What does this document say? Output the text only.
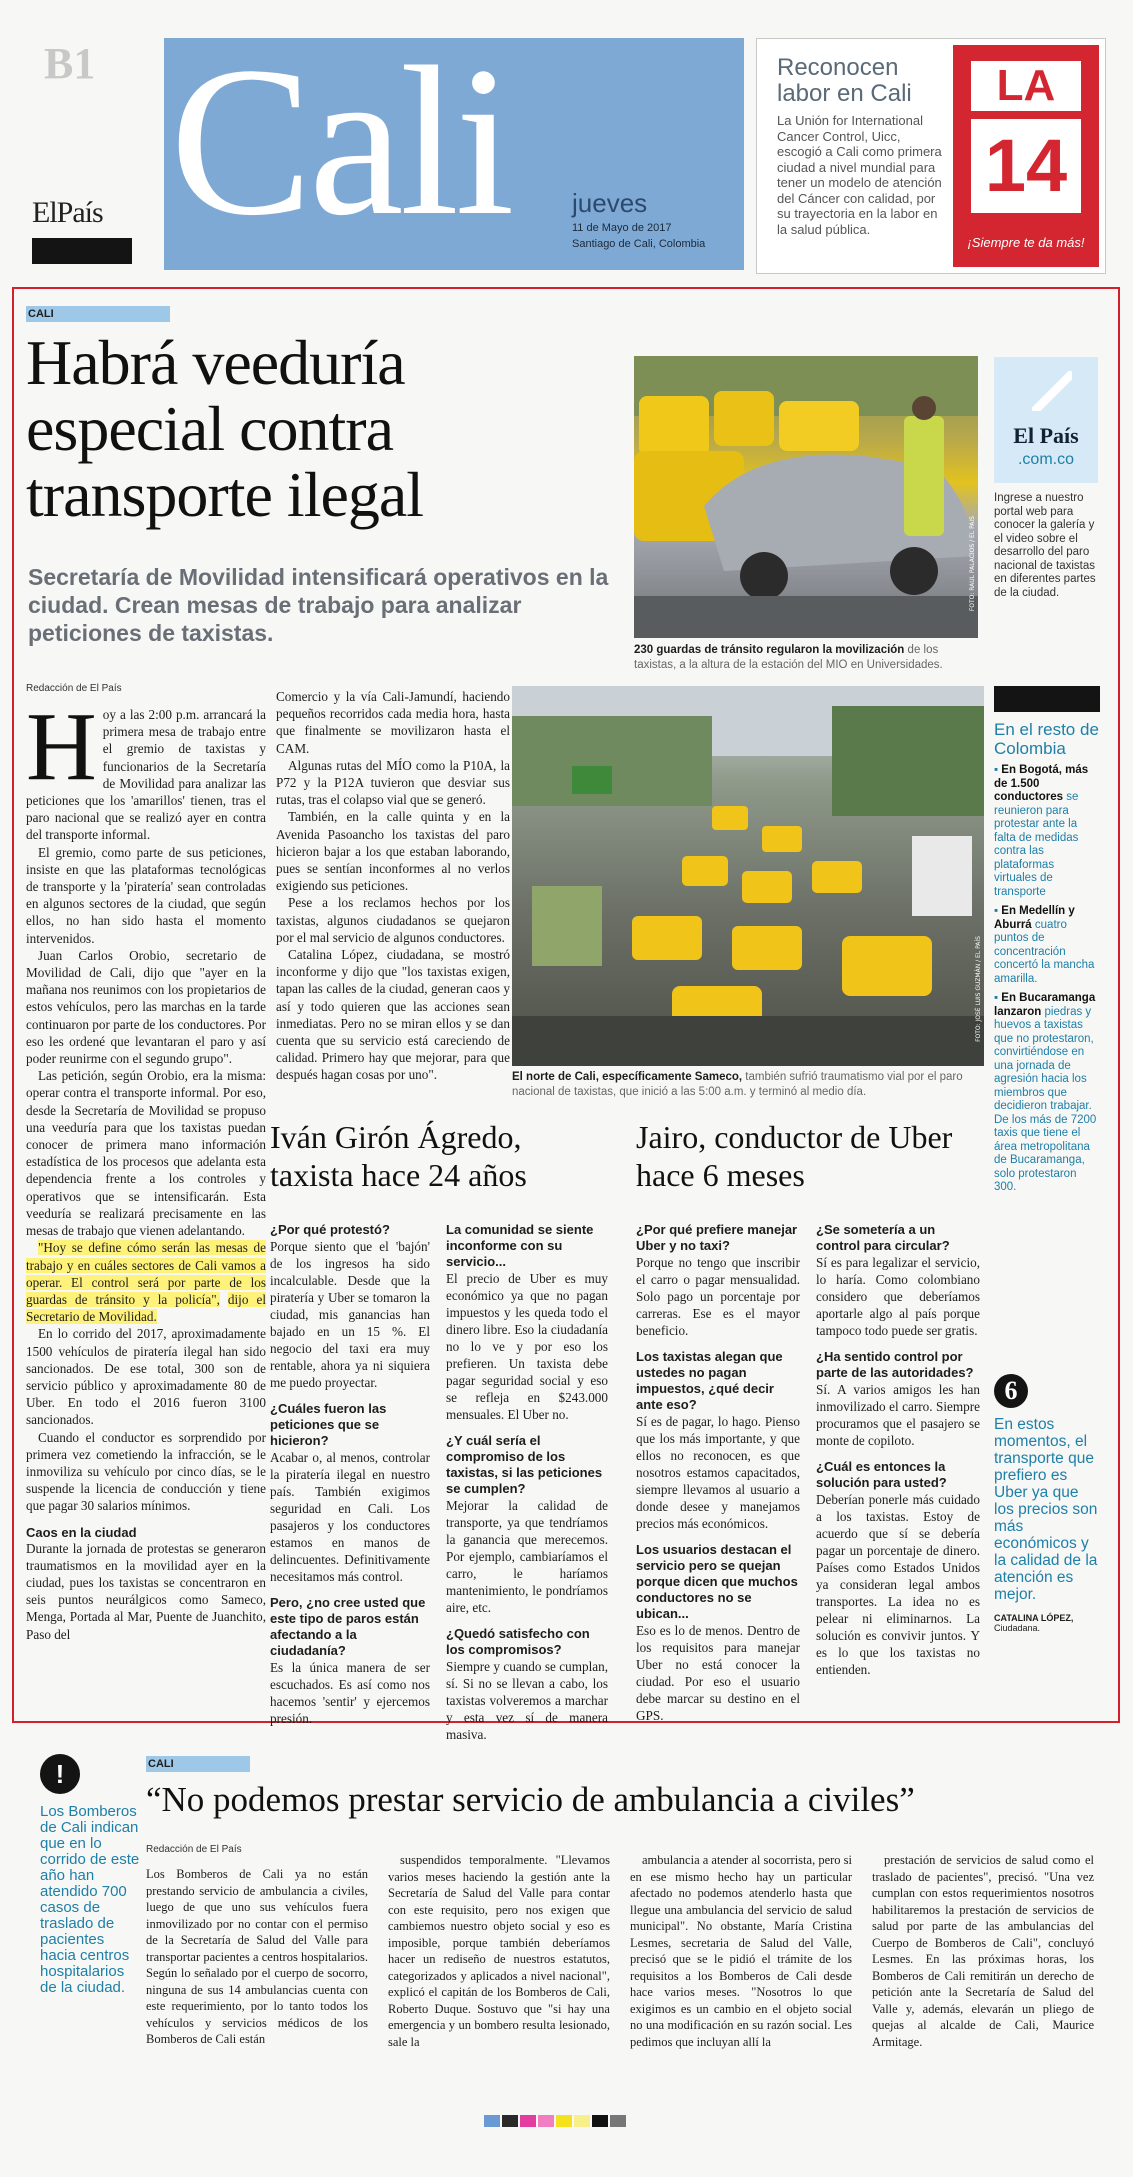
B1
ElPaís Cali jueves
11 de Mayo de 2017
Santiago de Cali, Colombia
Reconocen labor en Cali
La Unión for International Cancer Control, Uicc, escogió a Cali como primera ciudad a nivel mundial para tener un modelo de atención del Cáncer con calidad, por su trayectoria en la labor en la salud pública.
LA
14
¡Siempre te da más!
CALI
Habrá veeduría especial contra transporte ilegal
Secretaría de Movilidad intensificará operativos en la ciudad. Crean mesas de trabajo para analizar peticiones de taxistas.
FOTO: RAÚL PALACIOS / EL PAÍS
230 guardas de tránsito regularon la movilización de los taxistas, a la altura de la estación del MIO en Universidades.
El País
.com.co
Ingrese a nuestro portal web para conocer la galería y el video sobre el desarrollo del paro nacional de taxistas en diferentes partes de la ciudad.
Redacción de El País
H oy a las 2:00 p.m. arrancará la primera mesa de trabajo entre el gremio de taxistas y funcionarios de la Secretaría de Movilidad para analizar las peticiones que los 'amarillos' tienen, tras el paro nacional que se realizó ayer en contra del transporte informal.

El gremio, como parte de sus peticiones, insiste en que las plataformas tecnológicas de transporte y la 'piratería' sean controladas en algunos sectores de la ciudad, que según ellos, no han sido hasta el momento intervenidos.

Juan Carlos Orobio, secretario de Movilidad de Cali, dijo que "ayer en la mañana nos reunimos con los propietarios de estos vehículos, pero las marchas en la tarde continuaron por parte de los conductores. Por eso les ordené que levantaran el paro y así poder reunirme con el segundo grupo".

Las petición, según Orobio, era la misma: operar contra el transporte informal. Por eso, desde la Secretaría de Movilidad se propuso una veeduría para que los taxistas puedan conocer de primera mano información estadística de los procesos que adelanta esta dependencia frente a los controles y operativos que se intensificarán. Esta veeduría se realizará precisamente en las mesas de trabajo que vienen adelantando.

"Hoy se define cómo serán las mesas de trabajo y en cuáles sectores de Cali vamos a operar. El control será por parte de los guardas de tránsito y la policía", dijo el Secretario de Movilidad.

En lo corrido del 2017, aproximadamente 1500 vehículos de piratería ilegal han sido sancionados. De ese total, 300 son de servicio público y aproximadamente 80 de Uber. En todo el 2016 fueron 3100 sancionados.

Cuando el conductor es sorprendido por primera vez cometiendo la infracción, se le inmoviliza su vehículo por cinco días, se le suspende la licencia de conducción y tiene que pagar 30 salarios mínimos.

Caos en la ciudad

Durante la jornada de protestas se generaron traumatismos en la movilidad ayer en la ciudad, pues los taxistas se concentraron en seis puntos neurálgicos como Sameco, Menga, Portada al Mar, Puente de Juanchito, Paso del

Comercio y la vía Cali-Jamundí, haciendo pequeños recorridos cada media hora, hasta que finalmente se movilizaron hasta el CAM.

Algunas rutas del MÍO como la P10A, la P72 y la P12A tuvieron que desviar sus rutas, tras el colapso vial que se generó.

También, en la calle quinta y en la Avenida Pasoancho los taxistas del paro hicieron bajar a los que estaban laborando, pues se sentían inconformes al no verlos exigiendo sus peticiones.

Pese a los reclamos hechos por los taxistas, algunos ciudadanos se quejaron por el mal servicio de algunos conductores.

Catalina López, ciudadana, se mostró inconforme y dijo que "los taxistas exigen, tapan las calles de la ciudad, generan caos y así y todo quieren que las acciones sean inmediatas. Pero no se miran ellos y se dan cuenta que su servicio está careciendo de calidad. Primero hay que mejorar, para que después hagan cosas por uno".

FOTO: JOSÉ LUIS GUZMÁN / EL PAÍS
El norte de Cali, específicamente Sameco, también sufrió traumatismo vial por el paro nacional de taxistas, que inició a las 5:00 a.m. y terminó al medio día.
En el resto de Colombia
▪ En Bogotá, más de 1.500 conductores se reunieron para protestar ante la falta de medidas contra las plataformas virtuales de transporte
▪ En Medellín y Aburrá cuatro puntos de concentración concertó la mancha amarilla.
▪ En Bucaramanga lanzaron piedras y huevos a taxistas que no protestaron, convirtiéndose en una jornada de agresión hacia los miembros que decidieron trabajar. De los más de 7200 taxis que tiene el área metropolitana de Bucaramanga, solo protestaron 300.
6
En estos momentos, el transporte que prefiero es Uber ya que los precios son más económicos y la calidad de la atención es mejor.
CATALINA LÓPEZ,
Ciudadana.
Iván Girón Ágredo, taxista hace 24 años
¿Por qué protestó?
Porque siento que el 'bajón' de los ingresos ha sido incalculable. Desde que la piratería y Uber se tomaron la ciudad, mis ganancias han bajado en un 15 %. El negocio del taxi era muy rentable, ahora ya ni siquiera me puedo proyectar.
¿Cuáles fueron las peticiones que se hicieron?
Acabar o, al menos, controlar la piratería ilegal en nuestro país. También exigimos seguridad en Cali. Los pasajeros y los conductores estamos en manos de delincuentes. Definitivamente necesitamos más control.
Pero, ¿no cree usted que este tipo de paros están afectando a la ciudadanía?
Es la única manera de ser escuchados. Es así como nos hacemos 'sentir' y ejercemos presión.
La comunidad se siente inconforme con su servicio...
El precio de Uber es muy económico ya que no pagan impuestos y les queda todo el dinero libre. Eso la ciudadanía no lo ve y por eso los prefieren. Un taxista debe pagar seguridad social y eso se refleja en $243.000 mensuales. El Uber no.
¿Y cuál sería el compromiso de los taxistas, si las peticiones se cumplen?
Mejorar la calidad de transporte, ya que tendríamos la ganancia que merecemos. Por ejemplo, cambiaríamos el carro, le haríamos mantenimiento, le pondríamos aire, etc.
¿Quedó satisfecho con los compromisos?
Siempre y cuando se cumplan, sí. Si no se llevan a cabo, los taxistas volveremos a marchar y esta vez sí de manera masiva.
Jairo, conductor de Uber hace 6 meses
¿Por qué prefiere manejar Uber y no taxi?
Porque no tengo que inscribir el carro o pagar mensualidad. Solo pago un porcentaje por carreras. Ese es el mayor beneficio.
Los taxistas alegan que ustedes no pagan impuestos, ¿qué decir ante eso?
Sí es de pagar, lo hago. Pienso que los más importante, y que ellos no reconocen, es que nosotros estamos capacitados, siempre llevamos al usuario a donde desee y manejamos precios más económicos.
Los usuarios destacan el servicio pero se quejan porque dicen que muchos conductores no se ubican...
Eso es lo de menos. Dentro de los requisitos para manejar Uber no está conocer la ciudad. Por eso el usuario debe marcar su destino en el GPS.
¿Se sometería a un control para circular?
Sí es para legalizar el servicio, lo haría. Como colombiano considero que deberíamos aportarle algo al país porque tampoco todo puede ser gratis.
¿Ha sentido control por parte de las autoridades?
Sí. A varios amigos les han inmovilizado el carro. Siempre procuramos que el pasajero se monte de copiloto.
¿Cuál es entonces la solución para usted?
Deberían ponerle más cuidado a los taxistas. Estoy de acuerdo que sí se debería pagar un porcentaje de dinero. Países como Estados Unidos ya consideran legal ambos transportes. La idea no es pelear ni eliminarnos. La solución es convivir juntos. Y es lo que los taxistas no entienden.
!
Los Bomberos de Cali indican que en lo corrido de este año han atendido 700 casos de traslado de pacientes hacia centros hospitalarios de la ciudad.
CALI
“No podemos prestar servicio de ambulancia a civiles”
Redacción de El País
Los Bomberos de Cali ya no están prestando servicio de ambulancia a civiles, luego de que uno sus vehículos fuera inmovilizado por no contar con el permiso de la Secretaría de Salud del Valle para transportar pacientes a centros hospitalarios. Según lo señalado por el cuerpo de socorro, ninguna de sus 14 ambulancias cuenta con este requerimiento, por lo tanto todos los vehículos y servicios médicos de los Bomberos de Cali están
suspendidos temporalmente. "Llevamos varios meses haciendo la gestión ante la Secretaría de Salud del Valle para contar con este requisito, pero nos exigen que cambiemos nuestro objeto social y eso es imposible, porque también deberíamos hacer un rediseño de nuestros estatutos, categorizados y aplicados a nivel nacional", explicó el capitán de los Bomberos de Cali, Roberto Duque. Sostuvo que "si hay una emergencia y un bombero resulta lesionado, sale la
ambulancia a atender al socorrista, pero si en ese mismo hecho hay un particular afectado no podemos atenderlo hasta que llegue una ambulancia del servicio de salud municipal". No obstante, María Cristina Lesmes, secretaria de Salud del Valle, precisó que se le pidió el trámite de los requisitos a los Bomberos de Cali desde hace varios meses. "Nosotros lo que exigimos es un cambio en el objeto social no una modificación en su razón social. Les pedimos que incluyan allí la
prestación de servicios de salud como el traslado de pacientes", precisó. "Una vez cumplan con estos requerimientos nosotros habilitaremos la prestación de servicios de salud por parte de las ambulancias del Cuerpo de Bomberos de Cali", concluyó Lesmes. En las próximas horas, los Bomberos de Cali remitirán un derecho de petición ante la Secretaría de Salud del Valle y, además, elevarán un pliego de quejas al alcalde de Cali, Maurice Armitage.
